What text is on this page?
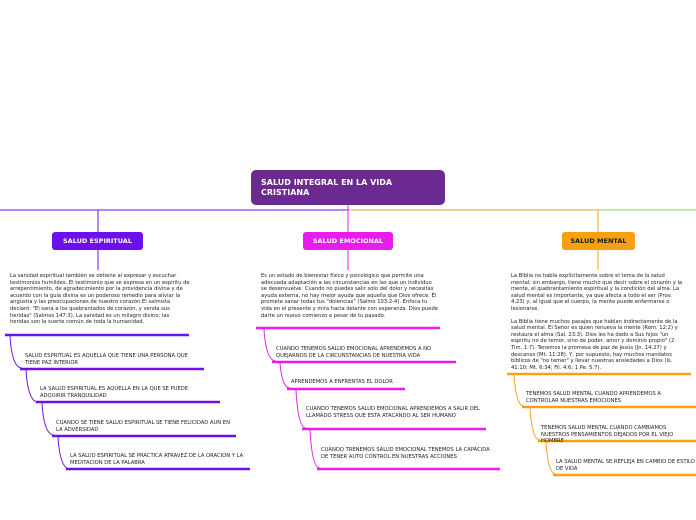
SALUD INTEGRAL EN LA VIDA CRISTIANA
SALUD ESPIRITUAL	SALUD EMOCIONAL	SALUD MENTAL
La sanidad espiritual también se obtiene al expresar y escuchar testimonios humildes. El testimonio que se expresa en un espíritu de arrepentimiento, de agradecimiento por la providencia divina y de acuerdo con la guía divina es un poderoso remedio para aliviar la angustia y las preocupaciones de nuestro corazón.El salmista declaró: "El sana a los quebrantados de corazón, y venda sus heridas" (Salmos 147:3). La sanidad es un milagro divino; las heridas son la suerte común de toda la humanidad.
SALUD ESPRITUAL ES AQUELLA QUE TIENE UNA PERSONA QUE TIENE PAZ INTERIOR
LA SALUD ESPIRITUAL ES AQUELLA EN LA QUE SE PUEDE ADQUIRIR TRANQUILIDAD
CUANDO SE TIENE SALUD ESPIRITUAL SE TIENE FELICIDAD AUN EN LA ADVERSIDAD
LA SALUD ESPIRITUAL SE PRACTICA ATRAVEZ DE LA ORACION Y LA MEDITACION DE LA PALABRA
Es un estado de bienestar físico y psicológico que permite una adecuada adaptación a las circunstancias en las que un individuo se desenvuelve. Cuando no puedes salir solo del dolor y necesitas ayuda externa, no hay mejor ayuda que aquella que Dios ofrece. Él promete sanar todas tus "dolencias" (Salmo 103:2-4). Enfoca tu vida en el presente y mira hacia delante con esperanza. Dios puede darte un nuevo comienzo a pesar de tu pasado.
CUANDO TENEMOS SALUD EMOCIONAL APRENDEMOS A NO QUEJARNOS DE LA CIRCUNSTANCIAS DE NUESTRA VIDA
APRENDEMOS A ENFRENTAS EL DOLOR
CUANDO TENEMOS SALUD EMOCIONAL APRENDEMOS A SALIR DEL LLAMADO STRESS QUE ESTA ATACANDO AL SER HUMANO
CUANDO TRENEMOS SALUD EMOCIONAL TENEMOS LA CAPACIDA DE TENER AUTO CONTROL EN NUESTRAS ACCIONES
La Biblia no habla explícitamente sobre el tema de la salud mental; sin embargo, tiene mucho que decir sobre el corazón y la mente, el quebrantamiento espiritual y la condición del alma. La salud mental es importante, ya que afecta a todo el ser (Prov. 4:23) y, al igual que el cuerpo, la mente puede enfermarse o lesionarse.
La Biblia tiene muchos pasajes que hablan indirectamente de la salud mental. El Señor es quien renueva la mente (Rom. 12:2) y restaura el alma (Sal. 23:3). Dios les ha dado a Sus hijos "un espíritu no de temor, sino de poder, amor y dominio propio" (2 Tim. 1:7). Tenemos la promesa de paz de Jesús (Jn. 14:27) y descanso (Mt. 11:28). Y, por supuesto, hay muchos mandatos bíblicos de "no temer" y llevar nuestras ansiedades a Dios (Is. 41:10; Mt. 6:34; Fil. 4:6; 1 Pe. 5:7).
TENEMOS SALUD MENTAL CUANDO APRENDEMOS A CONTROLAR NUESTRAS EMOCIONES
TENEMOS SALUD MENTAL CUANDO CAMBIAMOS NUESTROS PENSAMIENTOS DEJADOS POR EL VIEJO HOMBRE
LA SALUD MENTAL SE REFLEJA EN CAMBIO DE ESTILO DE VIDA
